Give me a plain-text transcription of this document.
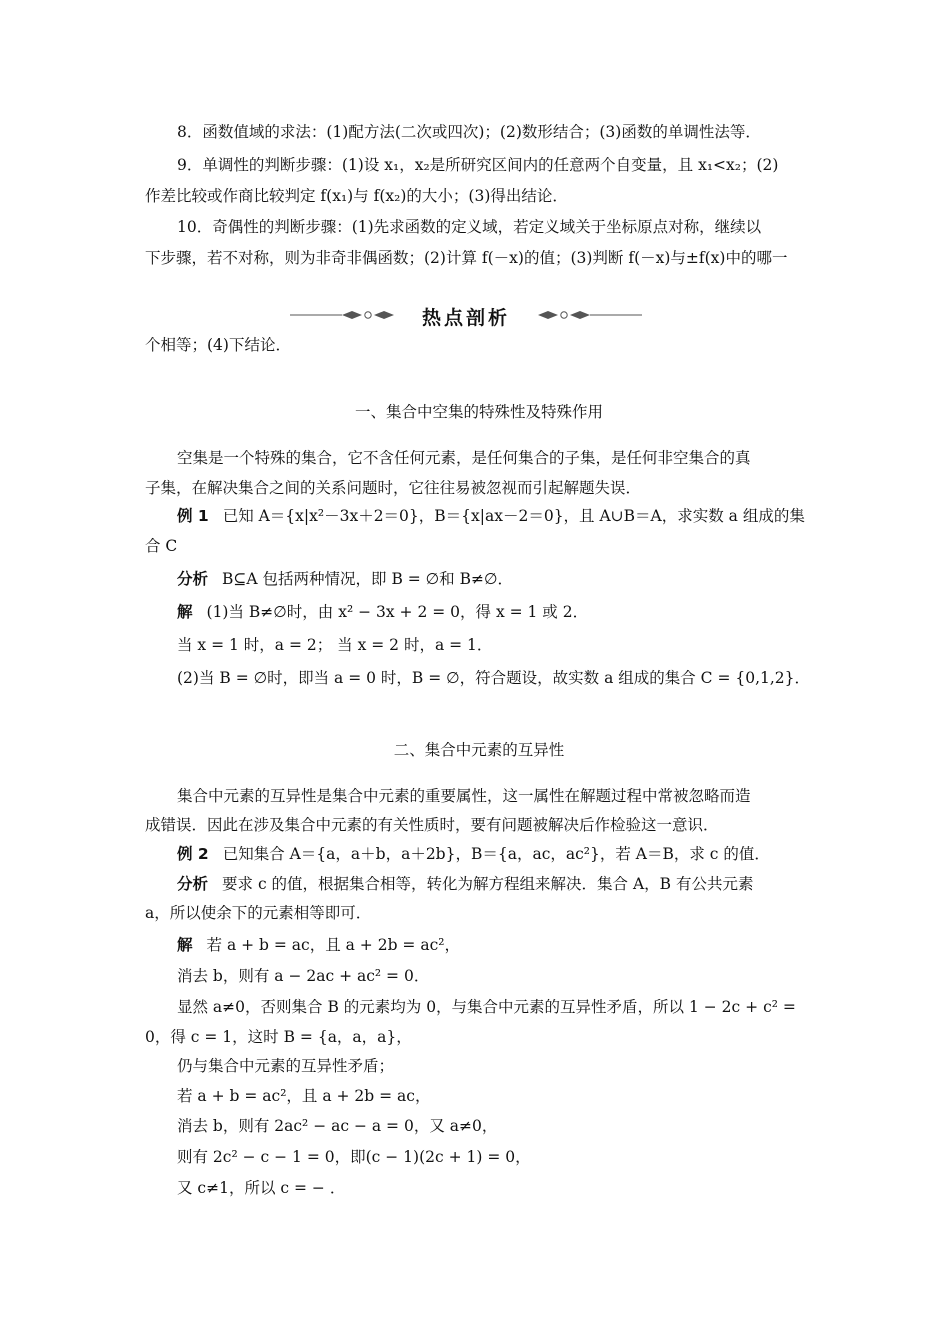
8．函数值域的求法：(1)配方法(二次或四次)；(2)数形结合；(3)函数的单调性法等．
9．单调性的判断步骤：(1)设 x₁，x₂是所研究区间内的任意两个自变量，且 x₁<x₂；(2)
作差比较或作商比较判定 f(x₁)与 f(x₂)的大小；(3)得出结论．
10．奇偶性的判断步骤：(1)先求函数的定义域，若定义域关于坐标原点对称，继续以
下步骤，若不对称，则为非奇非偶函数；(2)计算 f(－x)的值；(3)判断 f(－x)与±f(x)中的哪一
热点剖析
个相等；(4)下结论．
一、集合中空集的特殊性及特殊作用
空集是一个特殊的集合，它不含任何元素，是任何集合的子集，是任何非空集合的真
子集，在解决集合之间的关系问题时，它往往易被忽视而引起解题失误．
例 1 已知 A＝{x|x²－3x＋2＝0}，B＝{x|ax－2＝0}，且 A∪B＝A，求实数 a 组成的集
合 C
分析 B⊆A 包括两种情况，即 B = ∅和 B≠∅．
解 (1)当 B≠∅时，由 x² − 3x + 2 = 0，得 x = 1 或 2．
当 x = 1 时，a = 2； 当 x = 2 时，a = 1．
(2)当 B = ∅时，即当 a = 0 时，B = ∅，符合题设，故实数 a 组成的集合 C = {0,1,2}．
二、集合中元素的互异性
集合中元素的互异性是集合中元素的重要属性，这一属性在解题过程中常被忽略而造
成错误．因此在涉及集合中元素的有关性质时，要有问题被解决后作检验这一意识．
例 2 已知集合 A＝{a，a＋b，a＋2b}，B＝{a，ac，ac²}，若 A＝B，求 c 的值．
分析 要求 c 的值，根据集合相等，转化为解方程组来解决．集合 A，B 有公共元素
a，所以使余下的元素相等即可．
解 若 a + b = ac，且 a + 2b = ac²，
消去 b，则有 a − 2ac + ac² = 0．
显然 a≠0，否则集合 B 的元素均为 0，与集合中元素的互异性矛盾，所以 1 − 2c + c² =
0，得 c = 1，这时 B = {a，a，a}，
仍与集合中元素的互异性矛盾；
若 a + b = ac²，且 a + 2b = ac，
消去 b，则有 2ac² − ac − a = 0，又 a≠0，
则有 2c² − c − 1 = 0，即(c − 1)(2c + 1) = 0，
又 c≠1，所以 c = − ．
